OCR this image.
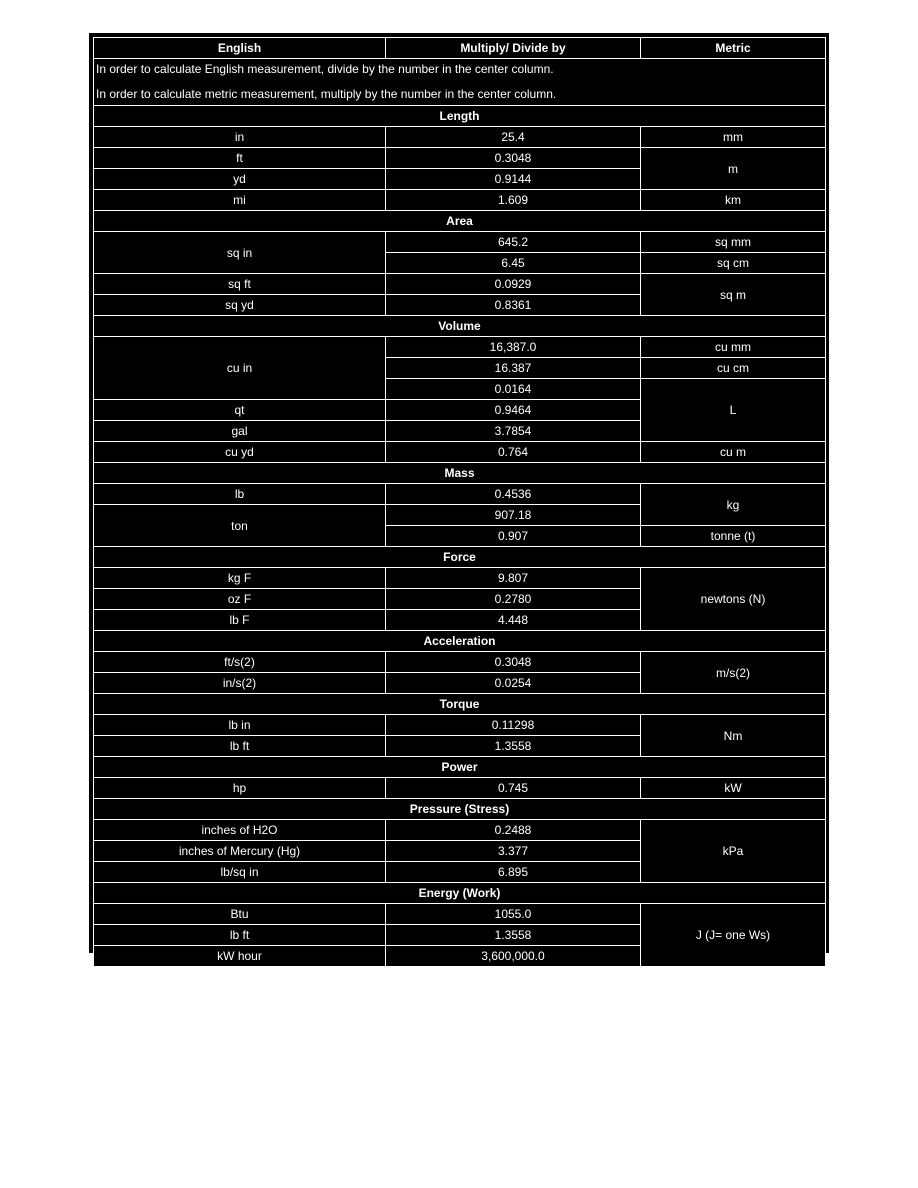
English	Multiply/ Divide by	Metric

In order to calculate English measurement, divide by the number in the center column.
In order to calculate metric measurement, multiply by the number in the center column.		

Length		
in	25.4	mm
ft	0.3048	m
yd	0.9144	
mi	1.609	km
Area		
sq in	645.2	sq mm
	6.45	sq cm
sq ft	0.0929	sq m
sq yd	0.8361	
Volume		
cu in	16,387.0	cu mm
	16.387	cu cm
	0.0164	L
qt	0.9464	
gal	3.7854	
cu yd	0.764	cu m
Mass		
lb	0.4536	kg
ton	907.18	
	0.907	tonne (t)
Force		
kg F	9.807	newtons (N)
oz F	0.2780	
lb F	4.448	
Acceleration		
ft/s(2)	0.3048	m/s(2)
in/s(2)	0.0254	
Torque		
lb in	0.11298	Nm
lb ft	1.3558	
Power		
hp	0.745	kW
Pressure (Stress)		
inches of H2O	0.2488	kPa
inches of Mercury (Hg)	3.377	
lb/sq in	6.895	
Energy (Work)		
Btu	1055.0	J (J= one Ws)
lb ft	1.3558	
kW hour	3,600,000.0	
